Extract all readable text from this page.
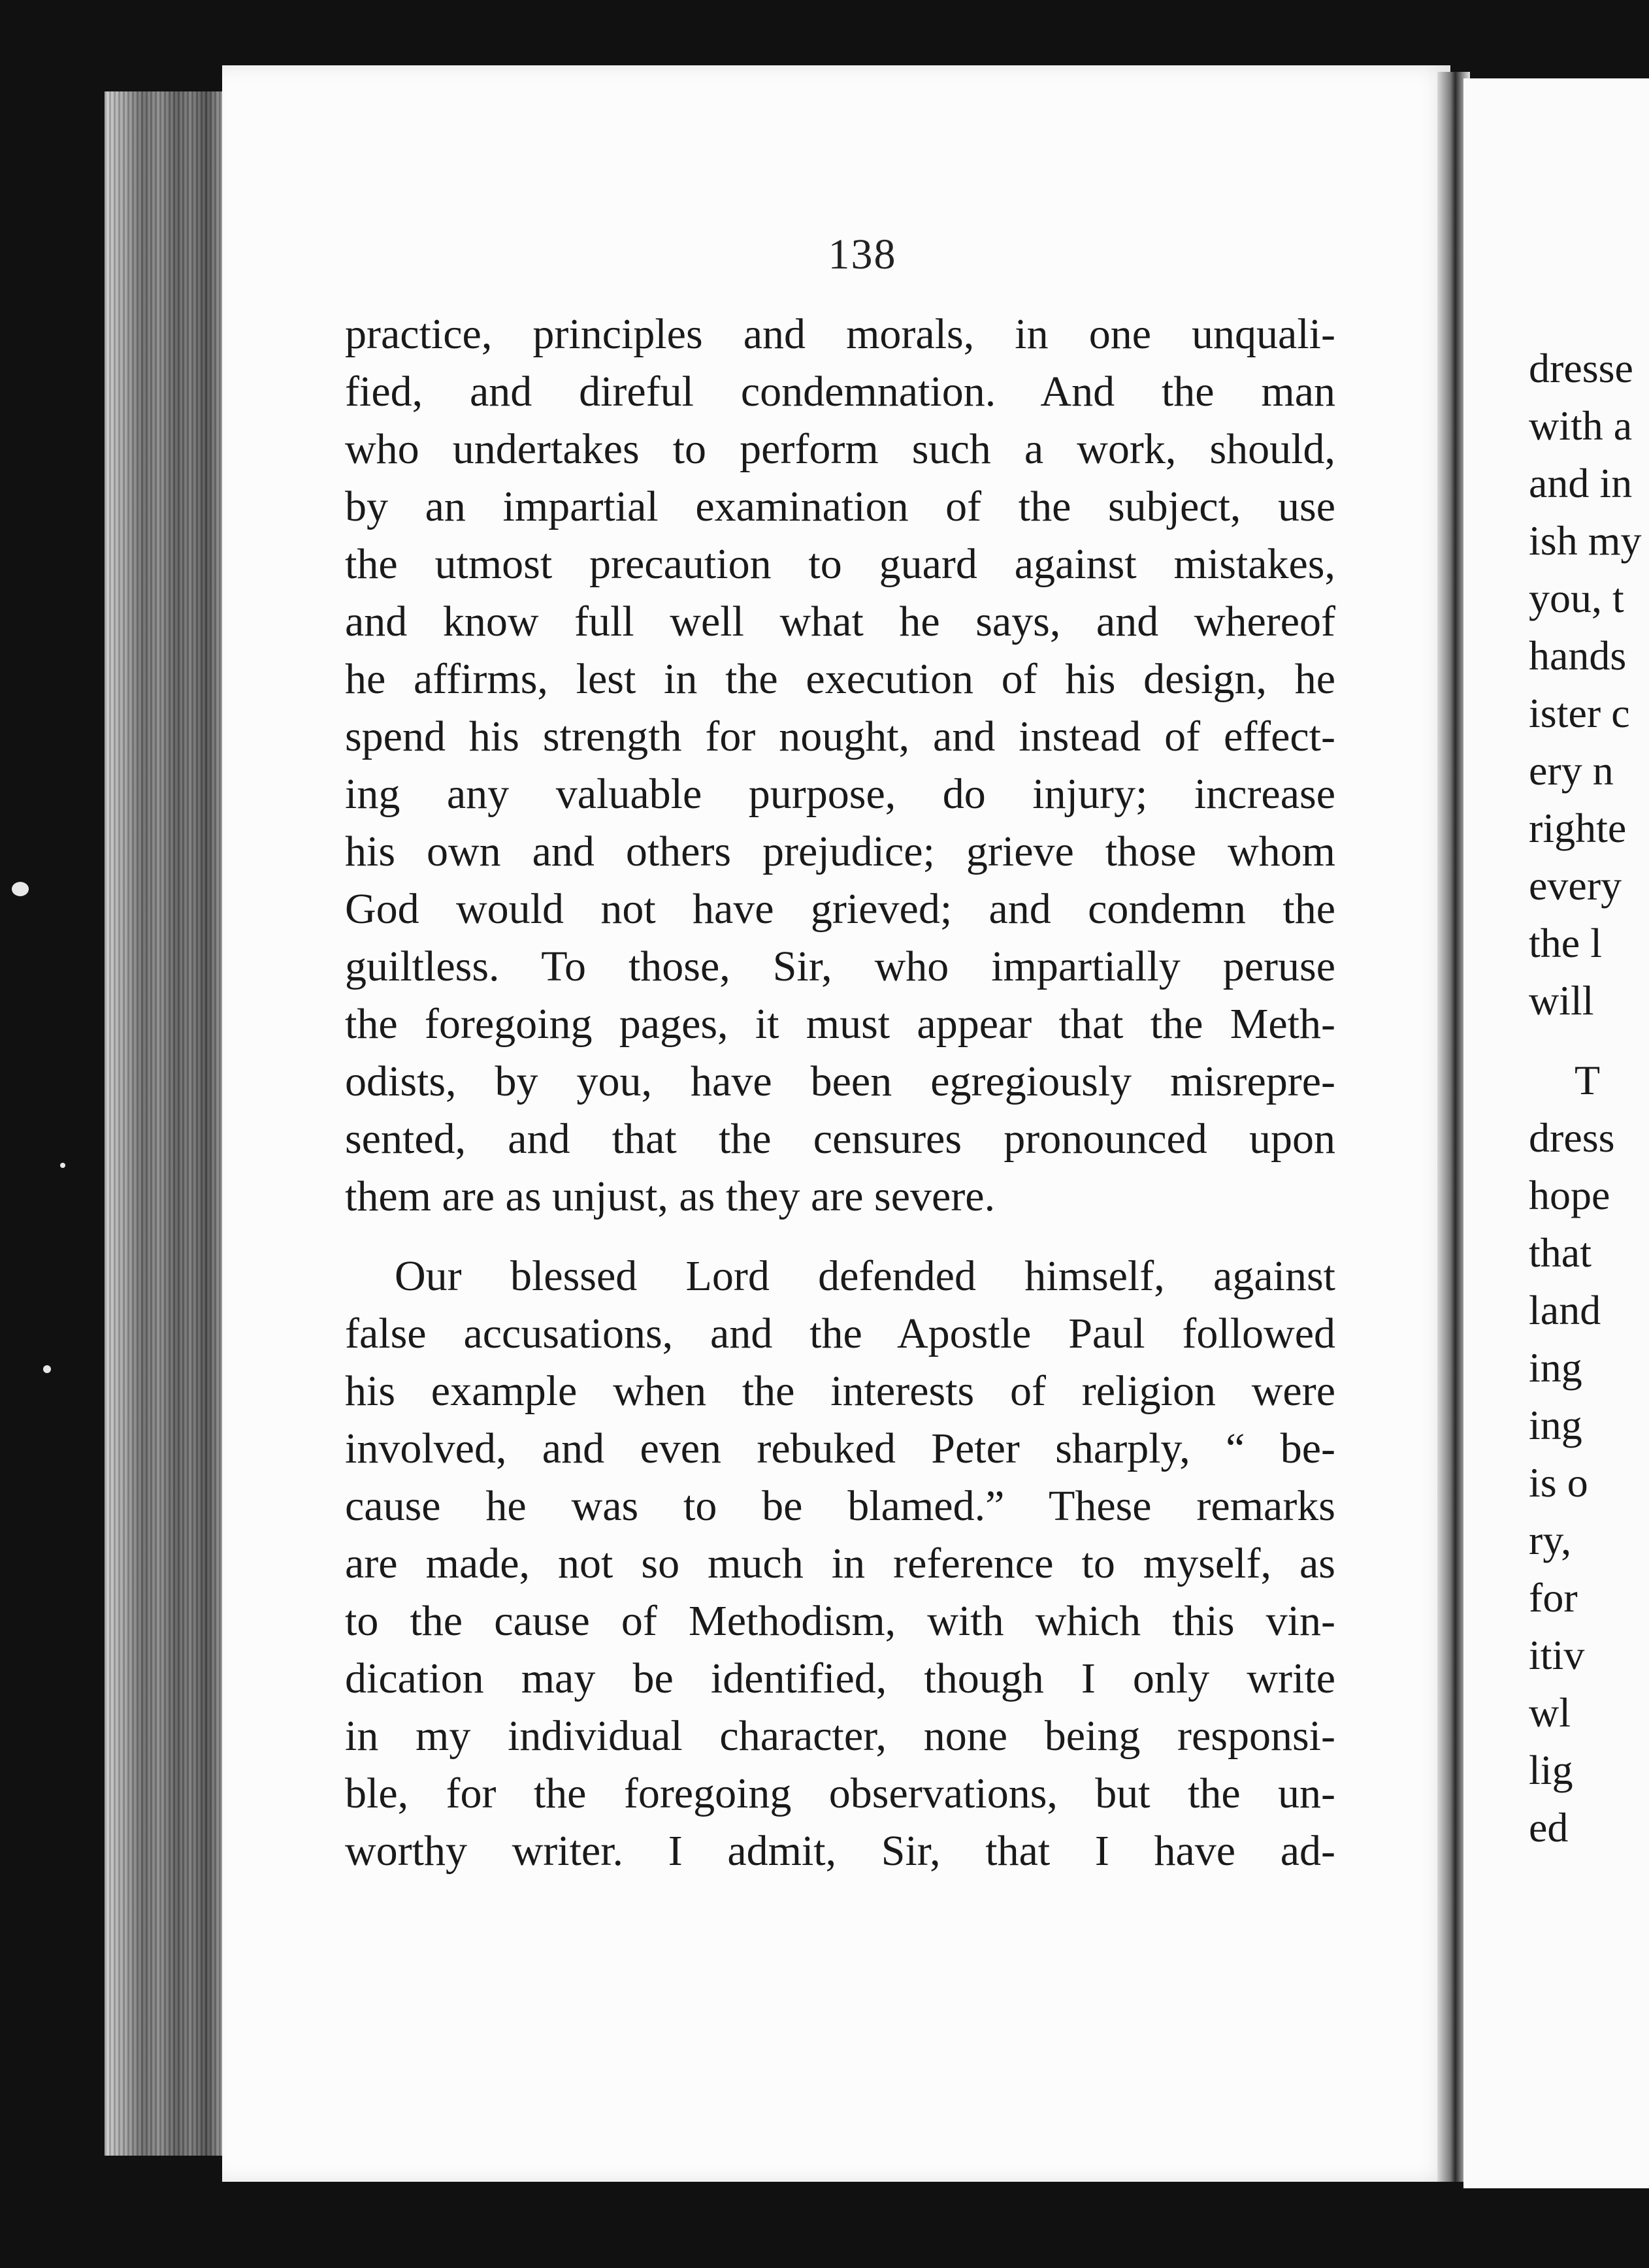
138
practice, principles and morals, in one unquali-
fied, and direful condemnation. And the man
who undertakes to perform such a work, should,
by an impartial examination of the subject, use
the utmost precaution to guard against mistakes,
and know full well what he says, and whereof
he affirms, lest in the execution of his design, he
spend his strength for nought, and instead of effect-
ing any valuable purpose, do injury; increase
his own and others prejudice; grieve those whom
God would not have grieved; and condemn the
guiltless. To those, Sir, who impartially peruse
the foregoing pages, it must appear that the Meth-
odists, by you, have been egregiously misrepre-
sented, and that the censures pronounced upon
them are as unjust, as they are severe.
Our blessed Lord defended himself, against
false accusations, and the Apostle Paul followed
his example when the interests of religion were
involved, and even rebuked Peter sharply, “ be-
cause he was to be blamed.” These remarks
are made, not so much in reference to myself, as
to the cause of Methodism, with which this vin-
dication may be identified, though I only write
in my individual character, none being responsi-
ble, for the foregoing observations, but the un-
worthy writer. I admit, Sir, that I have ad-
dresse
with a
and in
ish my
you, t
hands
ister c
ery n
righte
every
the l
will
T
dress
hope
that
land
ing
ing
is o
ry,
for
itiv
wl
lig
ed
